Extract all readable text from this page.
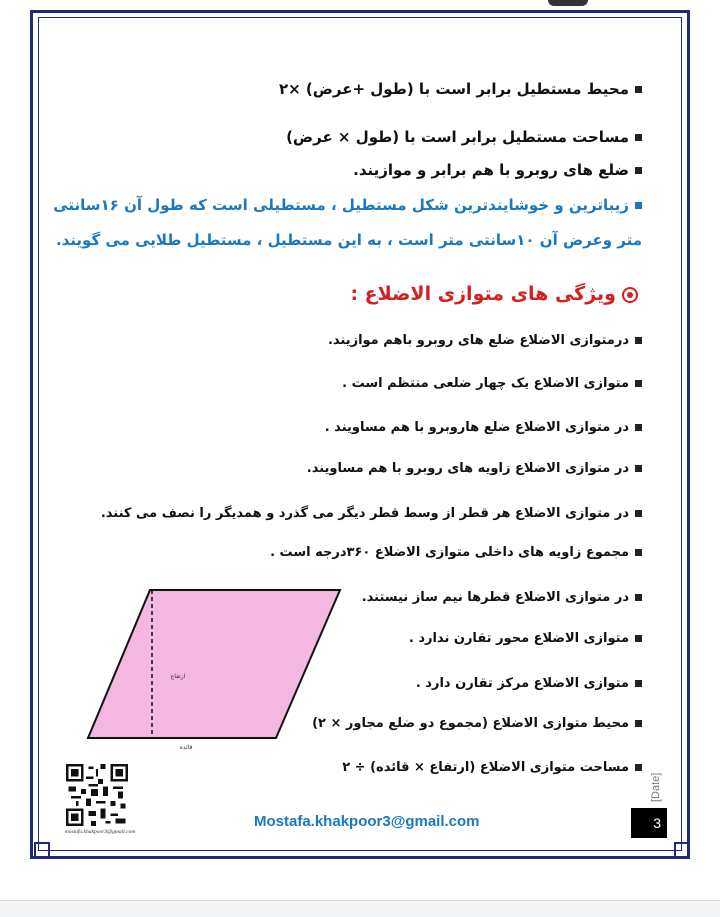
محیط مستطیل برابر است با (طول +عرض) ×۲
مساحت مستطیل برابر است با (طول × عرض)
ضلع های روبرو با هم برابر و موازیند.
زیباترین و خوشایندترین شکل مستطیل ، مستطیلی است که طول آن ۱۶سانتی
متر وعرض آن ۱۰سانتی متر است ، به این مستطیل ، مستطیل طلایی می گویند.
ویژگی های متوازی الاضلاع :
درمتوازی الاضلاع ضلع های روبرو باهم موازیند.
متوازی الاضلاع یک چهار ضلعی منتظم است .
در متوازی الاضلاع ضلع هاروبرو با هم مساویند .
در متوازی الاضلاع زاویه های روبرو با هم مساویند.
در متوازی الاضلاع هر قطر از وسط قطر دیگر می گذرد و همدیگر را نصف می کنند.
مجموع زاویه های داخلی متوازی الاضلاع ۳۶۰درجه است .
در متوازی الاضلاع قطرها نیم ساز نیستند.
متوازی الاضلاع محور تقارن ندارد .
متوازی الاضلاع مرکز تقارن دارد .
محیط متوازی الاضلاع (مجموع دو ضلع مجاور × ۲)
مساحت متوازی الاضلاع (ارتفاع × قائده) ÷ ۲
ارتفاع
قائده
mostafa.khakpoor3@gmail.com
Mostafa.khakpoor3@gmail.com
[Date]
3
